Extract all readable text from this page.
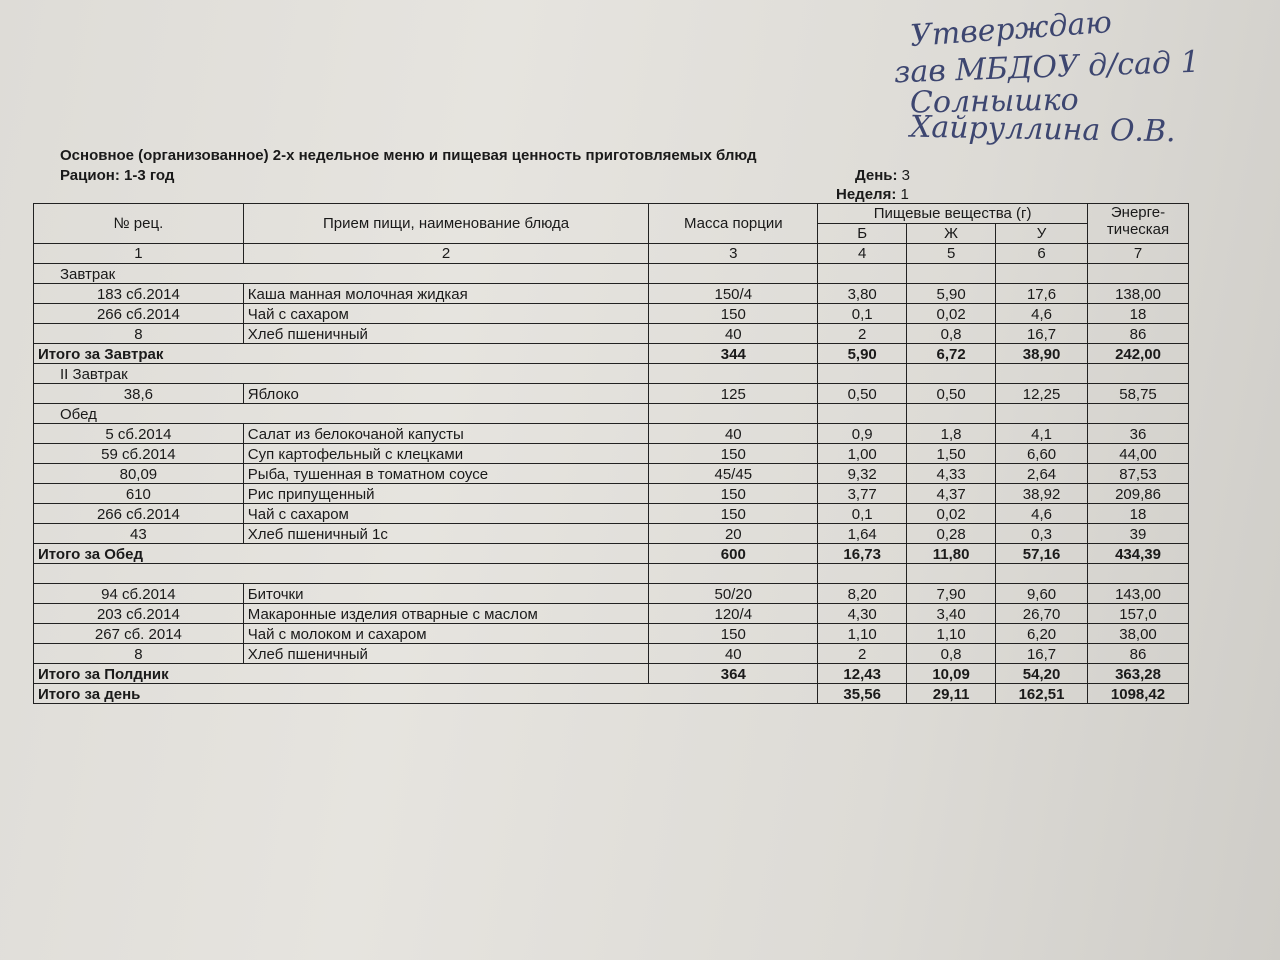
Утверждаю
зав МБДОУ д/сад 1
Солнышко
Хайруллина О.В.
Основное (организованное) 2-х недельное меню и пищевая ценность приготовляемых блюд
Рацион: 1-3 год	День: 3
Неделя: 1
№ рец.	Прием пищи, наименование блюда	Масса порции	Пищевые вещества (г)			Энерге- тическая
			Б	Ж	У	
1	2	3	4	5	6	7
Завтрак						
183 сб.2014	Каша манная молочная жидкая	150/4	3,80	5,90	17,6	138,00
266 сб.2014	Чай с сахаром	150	0,1	0,02	4,6	18
8	Хлеб пшеничный	40	2	0,8	16,7	86
Итого за Завтрак		344	5,90	6,72	38,90	242,00
II Завтрак						
38,6	Яблоко	125	0,50	0,50	12,25	58,75
Обед						
5 сб.2014	Салат из белокочаной капусты	40	0,9	1,8	4,1	36
59 сб.2014	Суп картофельный с клецками	150	1,00	1,50	6,60	44,00
80,09	Рыба, тушенная в томатном соусе	45/45	9,32	4,33	2,64	87,53
610	Рис припущенный	150	3,77	4,37	38,92	209,86
266 сб.2014	Чай с сахаром	150	0,1	0,02	4,6	18
43	Хлеб пшеничный 1с	20	1,64	0,28	0,3	39
Итого за Обед		600	16,73	11,80	57,16	434,39

94 сб.2014	Биточки	50/20	8,20	7,90	9,60	143,00
203 сб.2014	Макаронные изделия отварные с маслом	120/4	4,30	3,40	26,70	157,0
267 сб. 2014	Чай с молоком и сахаром	150	1,10	1,10	6,20	38,00
8	Хлеб пшеничный	40	2	0,8	16,7	86
Итого за Полдник		364	12,43	10,09	54,20	363,28
Итого за день			35,56	29,11	162,51	1098,42
